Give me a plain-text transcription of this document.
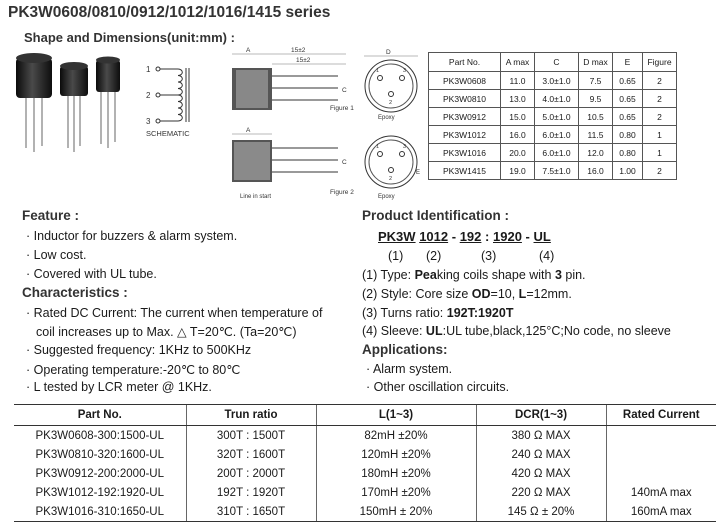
PK3W0608/0810/0912/1012/1016/1415 series
Shape and Dimensions(unit:mm) :
1
2
3
SCHEMATIC
A	15±2
15±2
C
Figure 1
D
1
2
3
Epoxy
A
C
Line in start
Figure 2
1
2
3
E
Epoxy
Part No.	A max	C	D max	E	Figure
PK3W0608	11.0	3.0±1.0	7.5	0.65	2
PK3W0810	13.0	4.0±1.0	9.5	0.65	2
PK3W0912	15.0	5.0±1.0	10.5	0.65	2
PK3W1012	16.0	6.0±1.0	11.5	0.80	1
PK3W1016	20.0	6.0±1.0	12.0	0.80	1
PK3W1415	19.0	7.5±1.0	16.0	1.00	2
Feature :
· Inductor for buzzers & alarm system.
· Low cost.
· Covered with UL tube.
Characteristics :
· Rated DC Current: The current when temperature of
coil increases up to Max. △ T=20℃. (Ta=20℃)
· Suggested frequency: 1KHz to 500KHz
· Operating temperature:-20℃ to 80℃
· L tested by LCR meter @ 1KHz.
Product Identification :
PK3W 1012 - 192 : 1920 - UL
(1) (2)	(3)	(4)
(1) Type: Peaking coils shape with 3 pin.
(2) Style: Core size OD=10, L=12mm.
(3) Turns ratio: 192T:1920T
(4) Sleeve: UL:UL tube,black,125°C;No code, no sleeve
Applications:
· Alarm system.
· Other oscillation circuits.
Part No.	Trun ratio	L(1~3)	DCR(1~3)	Rated Current
PK3W0608-300:1500-UL	300T : 1500T	82mH ±20%	380 Ω MAX	
PK3W0810-320:1600-UL	320T : 1600T	120mH ±20%	240 Ω MAX	
PK3W0912-200:2000-UL	200T : 2000T	180mH ±20%	420 Ω MAX	
PK3W1012-192:1920-UL	192T : 1920T	170mH ±20%	220 Ω MAX	140mA max
PK3W1016-310:1650-UL	310T : 1650T	150mH ± 20%	145 Ω ± 20%	160mA max
